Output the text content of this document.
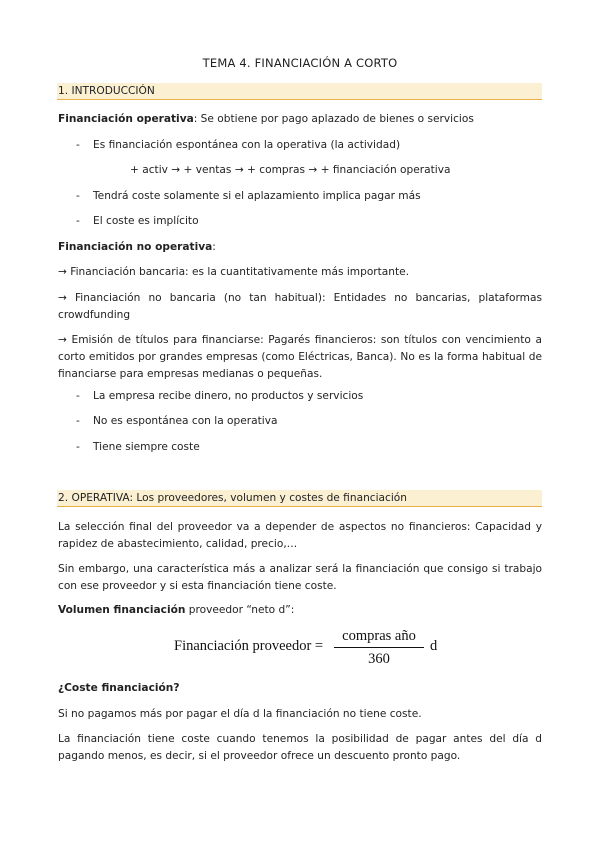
TEMA 4. FINANCIACIÓN A CORTO
1. INTRODUCCIÓN
Financiación operativa: Se obtiene por pago aplazado de bienes o servicios
- Es financiación espontánea con la operativa (la actividad)
+ activ → + ventas → + compras → + financiación operativa
- Tendrá coste solamente si el aplazamiento implica pagar más
- El coste es implícito
Financiación no operativa:
→ Financiación bancaria: es la cuantitativamente más importante.
→ Financiación no bancaria (no tan habitual): Entidades no bancarias, plataformas crowdfunding
→ Emisión de títulos para financiarse: Pagarés financieros: son títulos con vencimiento a corto emitidos por grandes empresas (como Eléctricas, Banca). No es la forma habitual de financiarse para empresas medianas o pequeñas.
- La empresa recibe dinero, no productos y servicios
- No es espontánea con la operativa
- Tiene siempre coste
2. OPERATIVA: Los proveedores, volumen y costes de financiación
La selección final del proveedor va a depender de aspectos no financieros: Capacidad y rapidez de abastecimiento, calidad, precio,…
Sin embargo, una característica más a analizar será la financiación que consigo si trabajo con ese proveedor y si esta financiación tiene coste.
Volumen financiación proveedor “neto d”:
Financiación proveedor =
compras año
360
d
¿Coste financiación?
Si no pagamos más por pagar el día d la financiación no tiene coste.
La financiación tiene coste cuando tenemos la posibilidad de pagar antes del día d pagando menos, es decir, si el proveedor ofrece un descuento pronto pago.
